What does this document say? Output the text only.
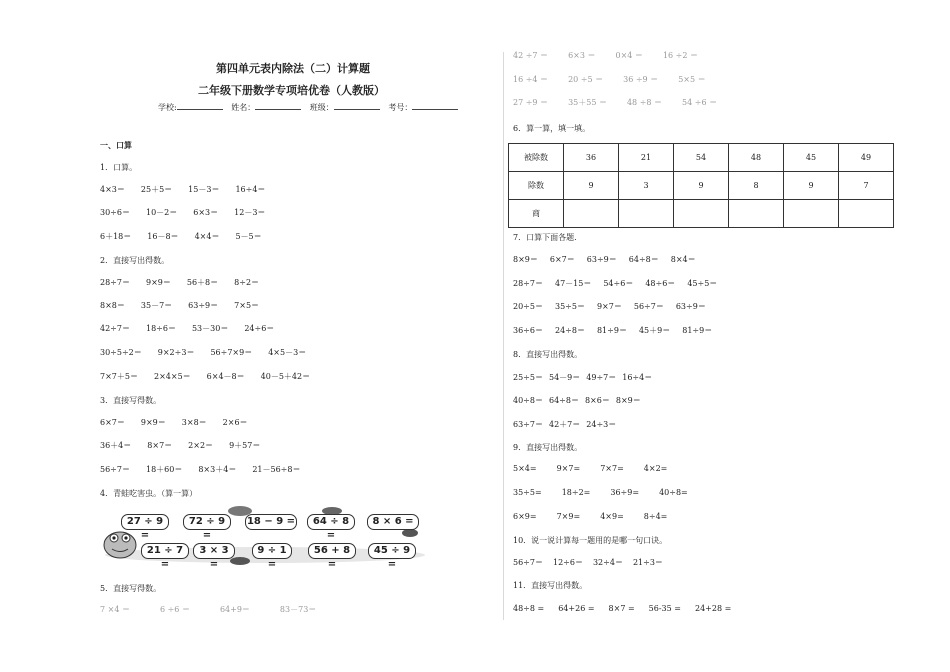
第四单元表内除法（二）计算题
二年级下册数学专项培优卷（人教版）
学校:	姓名：	班级：	考号：
一、口算
1．口算。
4×3＝ 25＋5＝ 15－3＝ 16÷4＝
30÷6＝ 10－2＝ 6×3＝ 12－3＝
6＋18＝ 16－8＝ 4×4＝ 5－5＝
2．直接写出得数。
28÷7＝ 9×9＝ 56＋8＝ 8÷2＝
8×8＝ 35－7＝ 63÷9＝ 7×5＝
42÷7＝ 18÷6＝ 53－30＝ 24÷6＝
30÷5÷2＝ 9×2÷3＝ 56÷7×9＝ 4×5－3＝
7×7＋5＝ 2×4×5＝ 6×4－8＝ 40－5＋42＝
3．直接写得数。
6×7＝ 9×9＝ 3×8＝ 2×6＝
36＋4＝ 8×7＝ 2×2＝ 9＋57＝
56÷7＝ 18＋60＝ 8×3＋4＝ 21－56÷8＝
4．青蛙吃害虫。（算一算）
27 ÷ 9 =
72 ÷ 9 =
18 − 9 =	64 ÷ 8 =
8 × 6 =
21 ÷ 7 =
3 × 3 =
9 ÷ 1 =
56 + 8 =
45 ÷ 9 =
5．直接写得数。
7 ×4 ＝	6 ÷6 ＝	64+9＝	83－73＝
42 ÷7 ＝	6×3 ＝	0×4 ＝	16 ÷2 ＝
16 ÷4 ＝	20 ÷5 ＝	36 ÷9 ＝	5×5 ＝
27 ÷9 ＝	35＋55 ＝	48 ÷8 ＝	54 ÷6 ＝
6．算一算，填一填。
被除数	36	21	54	48	45	49
除数	9	3	9	8	9	7
商						
7．口算下面各题.
8×9＝ 6×7＝ 63÷9＝ 64÷8＝ 8×4＝
28÷7＝ 47－15＝ 54÷6＝ 48÷6＝ 45÷5＝
20÷5＝ 35÷5＝ 9×7＝ 56÷7＝ 63÷9＝
36÷6＝ 24÷8＝ 81÷9＝ 45＋9＝ 81÷9＝
8．直接写出得数。
25÷5＝ 54－9＝ 49÷7＝ 16÷4＝
40÷8＝ 64÷8＝ 8×6＝ 8×9＝
63÷7＝ 42＋7＝ 24÷3＝
9．直接写出得数。
5×4=	9×7=	7×7=	4×2=
35÷5=	18÷2=	36÷9=	40÷8=
6×9=	7×9=	4×9=	8÷4=
10．说一说计算每一题用的是哪一句口诀。
56÷7＝ 12÷6＝ 32÷4＝ 21÷3＝
11．直接写出得数。
48÷8 = 64+26 = 8×7 = 56-35 = 24+28 =
